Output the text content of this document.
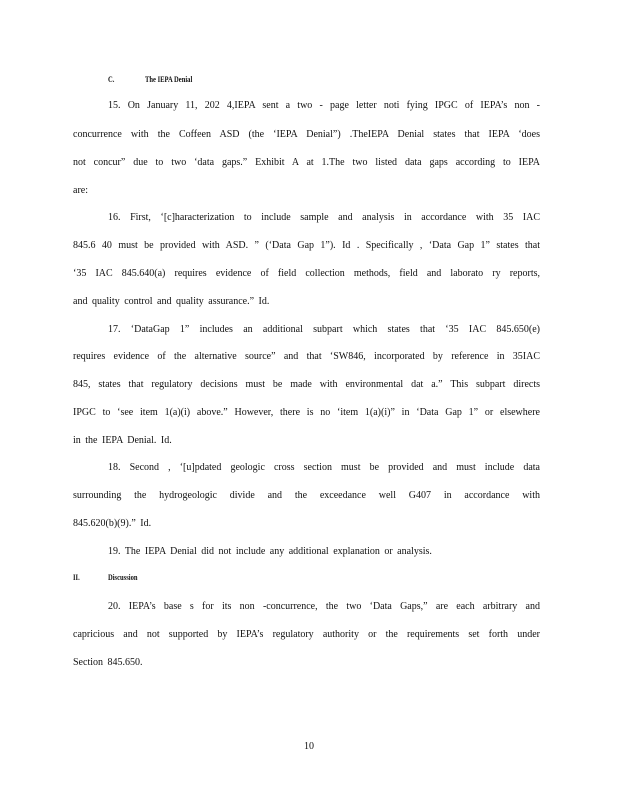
C.	The IEPA Denial
15. On January 11, 202 4,IEPA sent a two - page letter noti fying IPGC of IEPA’s non -
concurrence with the Coffeen ASD (the ‘IEPA Denial”) .TheIEPA Denial states that IEPA ‘does
not concur” due to two ‘data gaps.” Exhibit A at 1.The two listed data gaps according to IEPA
are:
16. First, ‘[c]haracterization to include sample and analysis in accordance with 35 IAC
845.6 40 must be provided with ASD. ” (‘Data Gap 1”). Id . Specifically , ‘Data Gap 1” states that
‘35 IAC 845.640(a) requires evidence of field collection methods, field and laborato ry reports,
and quality control and quality assurance.” Id.
17. ‘DataGap 1” includes an additional subpart which states that ‘35 IAC 845.650(e)
requires evidence of the alternative source” and that ‘SW846, incorporated by reference in 35IAC
845, states that regulatory decisions must be made with environmental dat a.” This subpart directs
IPGC to ‘see item 1(a)(i) above.” However, there is no ‘item 1(a)(i)” in ‘Data Gap 1” or elsewhere
in the IEPA Denial. Id.
18. Second , ‘[u]pdated geologic cross section must be provided and must include data
surrounding the hydrogeologic divide and the exceedance well G407 in accordance with
845.620(b)(9).” Id.
19. The IEPA Denial did not include any additional explanation or analysis.
II.	Discussion
20. IEPA’s base s for its non -concurrence, the two ‘Data Gaps,” are each arbitrary and
capricious and not supported by IEPA’s regulatory authority or the requirements set forth under
Section 845.650.
10
